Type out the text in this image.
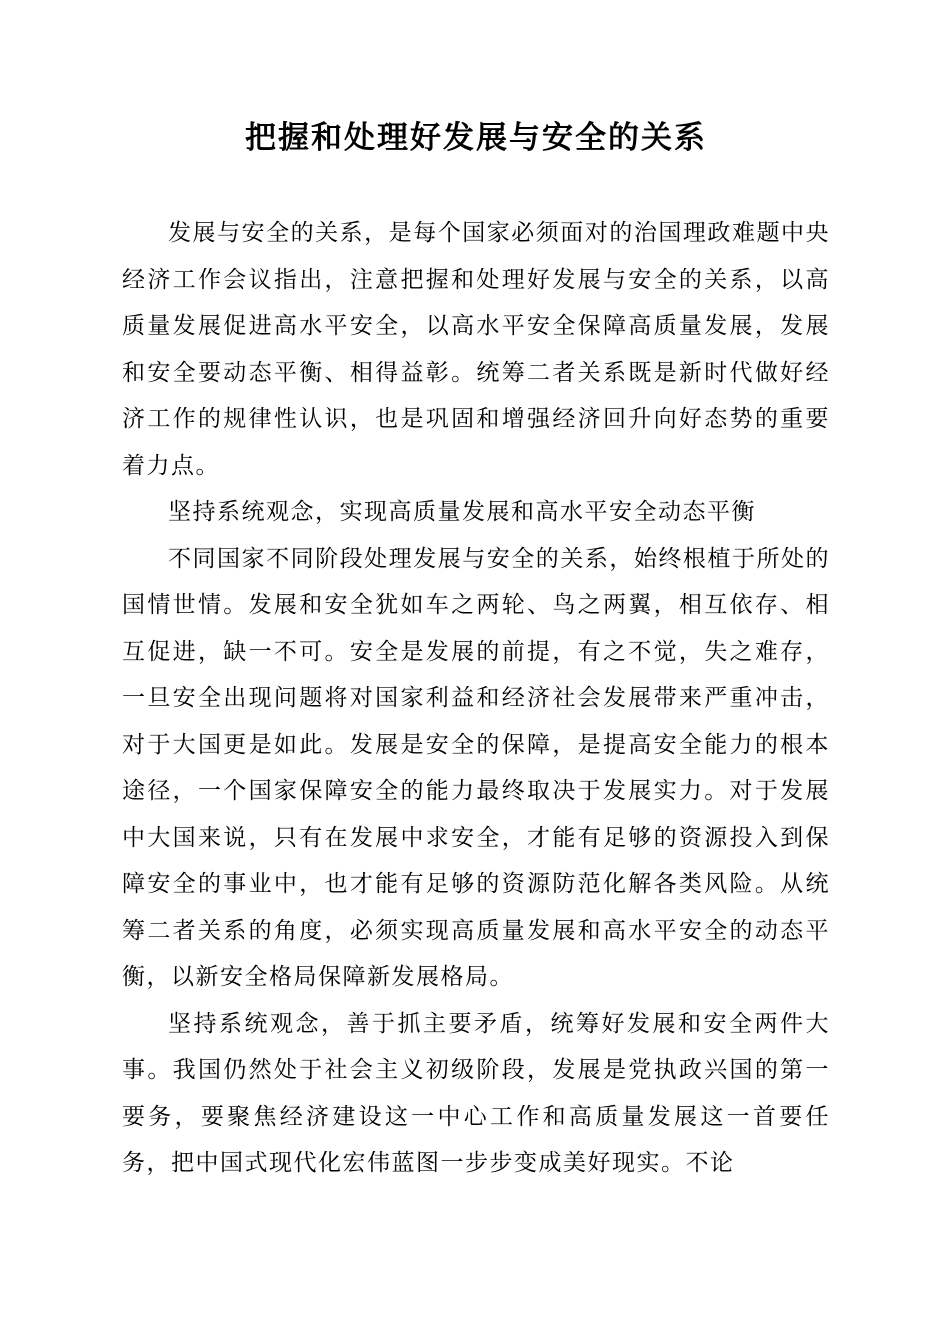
把握和处理好发展与安全的关系

发展与安全的关系，是每个国家必须面对的治国理政难题中央经济工作会议指出，注意把握和处理好发展与安全的关系，以高质量发展促进高水平安全，以高水平安全保障高质量发展，发展和安全要动态平衡、相得益彰。统筹二者关系既是新时代做好经济工作的规律性认识，也是巩固和增强经济回升向好态势的重要着力点。

坚持系统观念，实现高质量发展和高水平安全动态平衡

不同国家不同阶段处理发展与安全的关系，始终根植于所处的国情世情。发展和安全犹如车之两轮、鸟之两翼，相互依存、相互促进，缺一不可。安全是发展的前提，有之不觉，失之难存，一旦安全出现问题将对国家利益和经济社会发展带来严重冲击，对于大国更是如此。发展是安全的保障，是提高安全能力的根本途径，一个国家保障安全的能力最终取决于发展实力。对于发展中大国来说，只有在发展中求安全，才能有足够的资源投入到保障安全的事业中，也才能有足够的资源防范化解各类风险。从统筹二者关系的角度，必须实现高质量发展和高水平安全的动态平衡，以新安全格局保障新发展格局。

坚持系统观念，善于抓主要矛盾，统筹好发展和安全两件大事。我国仍然处于社会主义初级阶段，发展是党执政兴国的第一要务，要聚焦经济建设这一中心工作和高质量发展这一首要任务，把中国式现代化宏伟蓝图一步步变成美好现实。不论
